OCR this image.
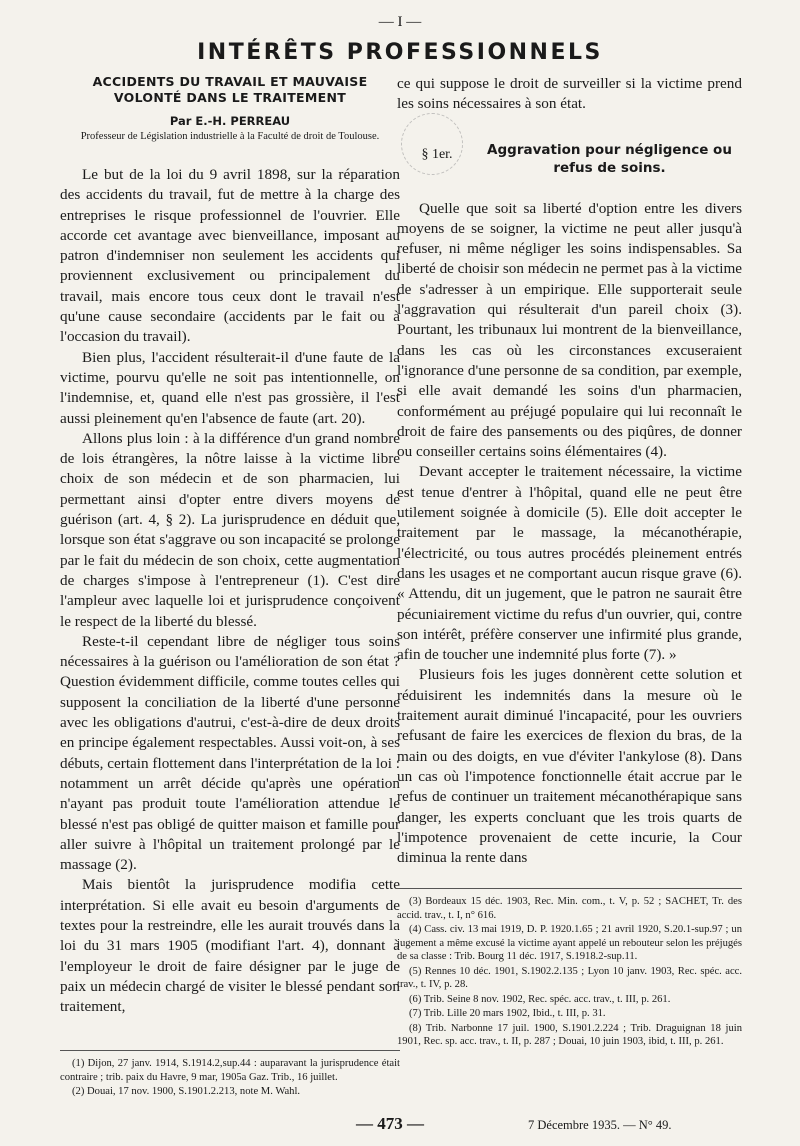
— I —
INTÉRÊTS PROFESSIONNELS
ACCIDENTS DU TRAVAIL ET MAUVAISE VOLONTÉ DANS LE TRAITEMENT
Par E.-H. PERREAU
Professeur de Législation industrielle à la Faculté de droit de Toulouse.

Le but de la loi du 9 avril 1898, sur la réparation des accidents du travail, fut de mettre à la charge des entreprises le risque professionnel de l'ouvrier. Elle accorde cet avantage avec bienveillance, imposant au patron d'indemniser non seulement les accidents qui proviennent exclusivement ou principalement du travail, mais encore tous ceux dont le travail n'est qu'une cause secondaire (accidents par le fait ou à l'occasion du travail).

Bien plus, l'accident résulterait-il d'une faute de la victime, pourvu qu'elle ne soit pas intentionnelle, on l'indemnise, et, quand elle n'est pas grossière, il l'est aussi pleinement qu'en l'absence de faute (art. 20).

Allons plus loin : à la différence d'un grand nombre de lois étrangères, la nôtre laisse à la victime libre choix de son médecin et de son pharmacien, lui permettant ainsi d'opter entre divers moyens de guérison (art. 4, § 2). La jurisprudence en déduit que, lorsque son état s'aggrave ou son incapacité se prolonge par le fait du médecin de son choix, cette augmentation de charges s'impose à l'entrepreneur (1). C'est dire l'ampleur avec laquelle loi et jurisprudence conçoivent le respect de la liberté du blessé.

Reste-t-il cependant libre de négliger tous soins nécessaires à la guérison ou l'amélioration de son état ? Question évidemment difficile, comme toutes celles qui supposent la conciliation de la liberté d'une personne avec les obligations d'autrui, c'est-à-dire de deux droits en principe également respectables. Aussi voit-on, à ses débuts, certain flottement dans l'interprétation de la loi : notamment un arrêt décide qu'après une opération n'ayant pas produit toute l'amélioration attendue le blessé n'est pas obligé de quitter maison et famille pour aller suivre à l'hôpital un traitement prolongé par le massage (2).

Mais bientôt la jurisprudence modifia cette interprétation. Si elle avait eu besoin d'arguments de textes pour la restreindre, elle les aurait trouvés dans la loi du 31 mars 1905 (modifiant l'art. 4), donnant à l'employeur le droit de faire désigner par le juge de paix un médecin chargé de visiter le blessé pendant son traitement,

(1) Dijon, 27 janv. 1914, S.1914.2,sup.44 : auparavant la jurisprudence était contraire ; trib. paix du Havre, 9 mar, 1905a Gaz. Trib., 16 juillet.

(2) Douai, 17 nov. 1900, S.1901.2.213, note M. Wahl.

ce qui suppose le droit de surveiller si la victime prend les soins nécessaires à son état.

§ 1er.	Aggravation pour négligence ou refus de soins.

Quelle que soit sa liberté d'option entre les divers moyens de se soigner, la victime ne peut aller jusqu'à refuser, ni même négliger les soins indispensables. Sa liberté de choisir son médecin ne permet pas à la victime de s'adresser à un empirique. Elle supporterait seule l'aggravation qui résulterait d'un pareil choix (3). Pourtant, les tribunaux lui montrent de la bienveillance, dans les cas où les circonstances excuseraient l'ignorance d'une personne de sa condition, par exemple, si elle avait demandé les soins d'un pharmacien, conformément au préjugé populaire qui lui reconnaît le droit de faire des pansements ou des piqûres, de donner ou conseiller certains soins élémentaires (4).

Devant accepter le traitement nécessaire, la victime est tenue d'entrer à l'hôpital, quand elle ne peut être utilement soignée à domicile (5). Elle doit accepter le traitement par le massage, la mécanothérapie, l'électricité, ou tous autres procédés pleinement entrés dans les usages et ne comportant aucun risque grave (6). « Attendu, dit un jugement, que le patron ne saurait être pécuniairement victime du refus d'un ouvrier, qui, contre son intérêt, préfère conserver une infirmité plus grande, afin de toucher une indemnité plus forte (7). »

Plusieurs fois les juges donnèrent cette solution et réduisirent les indemnités dans la mesure où le traitement aurait diminué l'incapacité, pour les ouvriers refusant de faire les exercices de flexion du bras, de la main ou des doigts, en vue d'éviter l'ankylose (8). Dans un cas où l'impotence fonctionnelle était accrue par le refus de continuer un traitement mécanothérapique sans danger, les experts concluant que les trois quarts de l'impotence provenaient de cette incurie, la Cour diminua la rente dans

(3) Bordeaux 15 déc. 1903, Rec. Min. com., t. V, p. 52 ; SACHET, Tr. des accid. trav., t. I, n° 616.

(4) Cass. civ. 13 mai 1919, D. P. 1920.1.65 ; 21 avril 1920, S.20.1-sup.97 ; un jugement a même excusé la victime ayant appelé un rebouteur selon les préjugés de sa classe : Trib. Bourg 11 déc. 1917, S.1918.2-sup.11.

(5) Rennes 10 déc. 1901, S.1902.2.135 ; Lyon 10 janv. 1903, Rec. spéc. acc. trav., t. IV, p. 28.

(6) Trib. Seine 8 nov. 1902, Rec. spéc. acc. trav., t. III, p. 261.

(7) Trib. Lille 20 mars 1902, Ibid., t. III, p. 31.

(8) Trib. Narbonne 17 juil. 1900, S.1901.2.224 ; Trib. Draguignan 18 juin 1901, Rec. sp. acc. trav., t. II, p. 287 ; Douai, 10 juin 1903, ibid, t. III, p. 261.

— 473 —	7 Décembre 1935. — N° 49.
